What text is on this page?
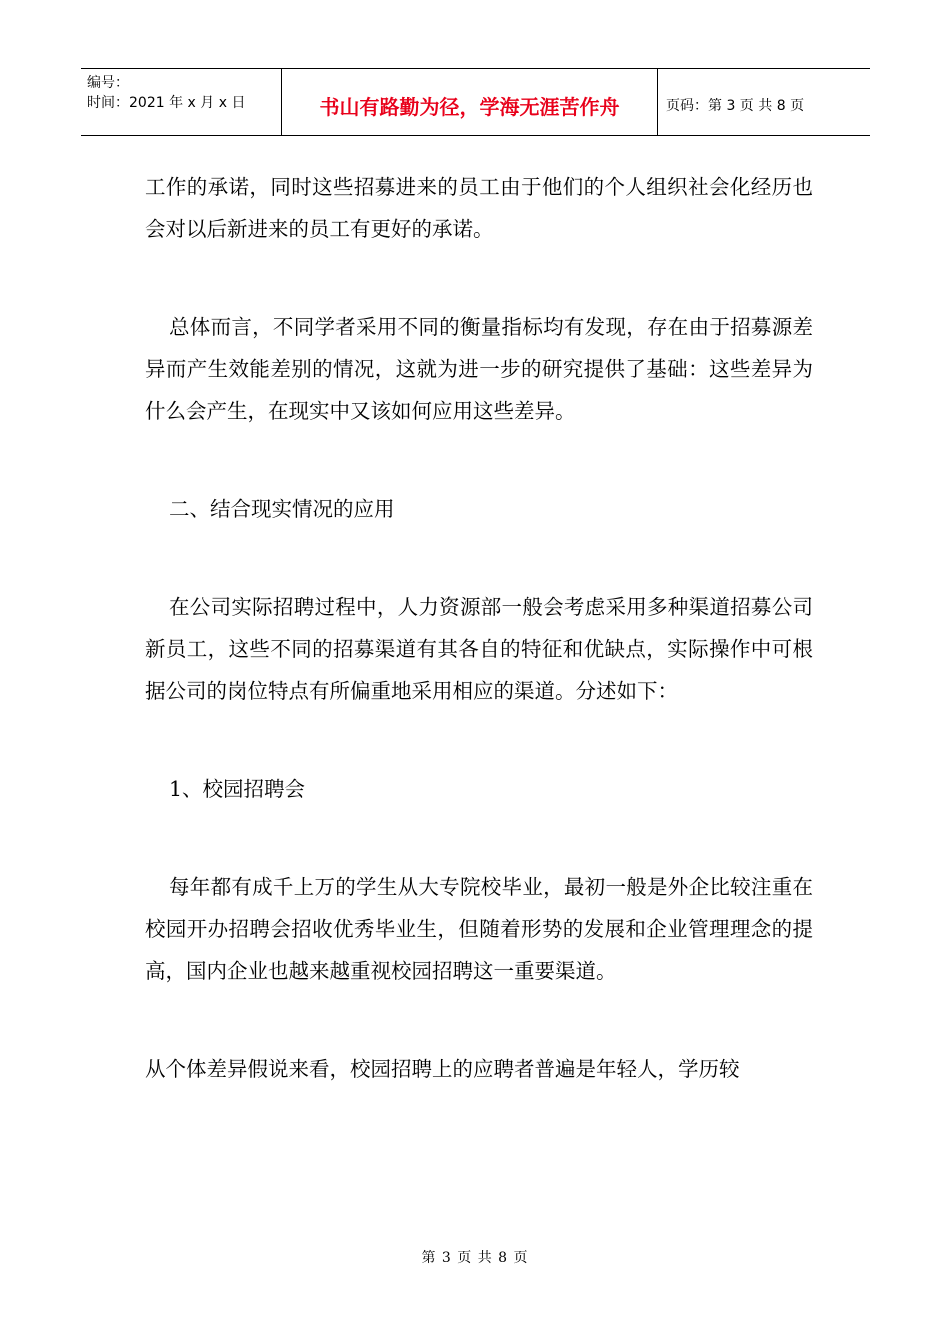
编号：
时间：2021 年 x 月 x 日	书山有路勤为径，学海无涯苦作舟	页码：第 3 页 共 8 页

工作的承诺，同时这些招募进来的员工由于他们的个人组织社会化经历也会对以后新进来的员工有更好的承诺。

总体而言，不同学者采用不同的衡量指标均有发现，存在由于招募源差异而产生效能差别的情况，这就为进一步的研究提供了基础：这些差异为什么会产生，在现实中又该如何应用这些差异。

二、结合现实情况的应用

在公司实际招聘过程中，人力资源部一般会考虑采用多种渠道招募公司新员工，这些不同的招募渠道有其各自的特征和优缺点，实际操作中可根据公司的岗位特点有所偏重地采用相应的渠道。分述如下：

1、校园招聘会

每年都有成千上万的学生从大专院校毕业，最初一般是外企比较注重在校园开办招聘会招收优秀毕业生，但随着形势的发展和企业管理理念的提高，国内企业也越来越重视校园招聘这一重要渠道。

从个体差异假说来看，校园招聘上的应聘者普遍是年轻人，学历较

第 3 页 共 8 页
